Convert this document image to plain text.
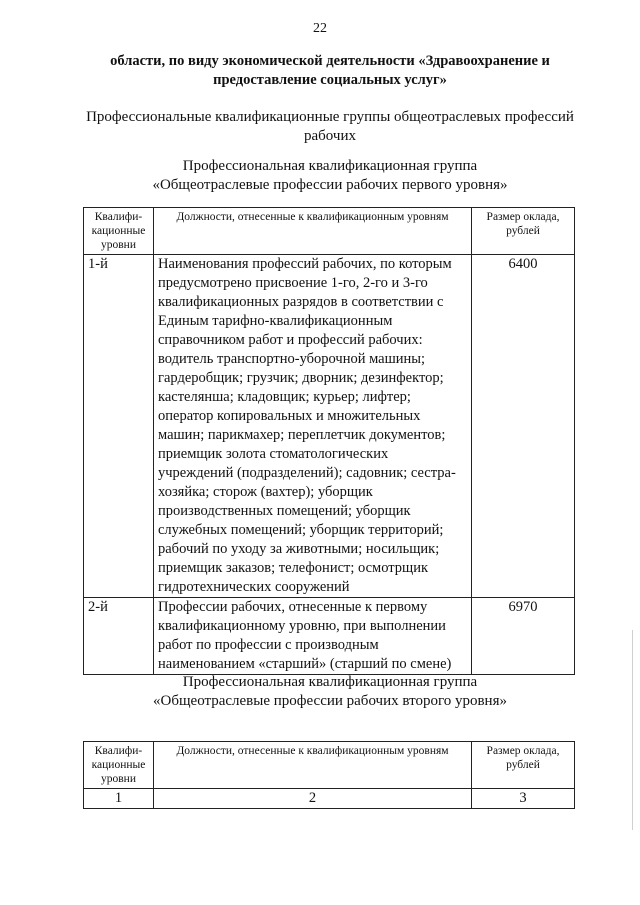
22
области, по виду экономической деятельности «Здравоохранение и предоставление социальных услуг»
Профессиональные квалификационные группы общеотраслевых профессий рабочих
Профессиональная квалификационная группа
«Общеотраслевые профессии рабочих первого уровня»
Квалифи-кационные уровни	Должности, отнесенные к квалификационным уровням	Размер оклада, рублей
1-й	Наименования профессий рабочих, по которым предусмотрено присвоение 1-го, 2-го и 3-го квалификационных разрядов в соответствии с Единым тарифно-квалификационным справочником работ и профессий рабочих: водитель транспортно-уборочной машины; гардеробщик; грузчик; дворник; дезинфектор; кастелянша; кладовщик; курьер; лифтер; оператор копировальных и множительных машин; парикмахер; переплетчик документов; приемщик золота стоматологических учреждений (подразделений); садовник; сестра-хозяйка; сторож (вахтер); уборщик производственных помещений; уборщик служебных помещений; уборщик территорий; рабочий по уходу за животными; носильщик; приемщик заказов; телефонист; осмотрщик гидротехнических сооружений	6400
2-й	Профессии рабочих, отнесенные к первому квалификационному уровню, при выполнении работ по профессии с производным наименованием «старший» (старший по смене)	6970
Профессиональная квалификационная группа
«Общеотраслевые профессии рабочих второго уровня»
Квалифи-кационные уровни	Должности, отнесенные к квалификационным уровням	Размер оклада, рублей
1	2	3
